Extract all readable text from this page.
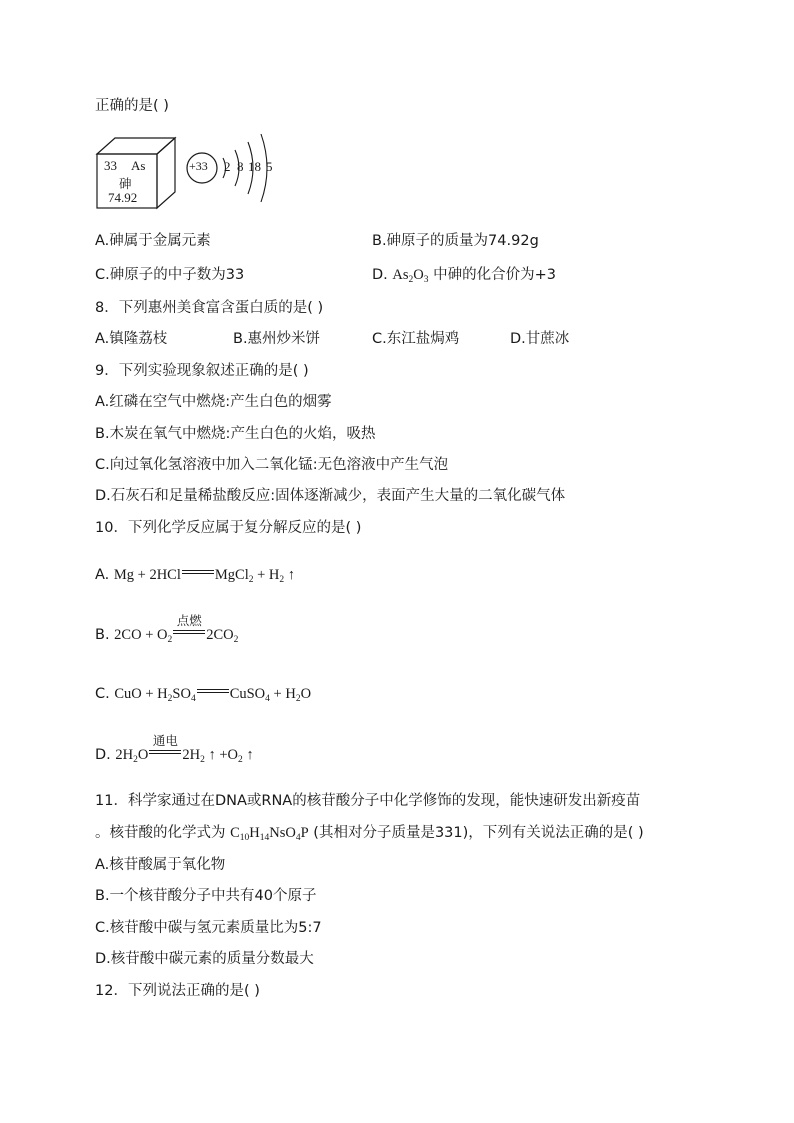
正确的是( )
33 As
砷
74.92
+33 2 8 18 5
A.砷属于金属元素	B.砷原子的质量为74.92g
C.砷原子的中子数为33	D. $As_2O_3$ 中砷的化合价为+3
8．下列惠州美食富含蛋白质的是( )
A.镇隆荔枝	B.惠州炒米饼	C.东江盐焗鸡	D.甘蔗冰
9．下列实验现象叙述正确的是( )
A.红磷在空气中燃烧:产生白色的烟雾
B.木炭在氧气中燃烧:产生白色的火焰，吸热
C.向过氧化氢溶液中加入二氧化锰:无色溶液中产生气泡
D.石灰石和足量稀盐酸反应:固体逐渐减少，表面产生大量的二氧化碳气体
10．下列化学反应属于复分解反应的是( )
A. Mg + 2HCl MgCl$_2$ + $H_2$ ↑
B. $2CO + O_2$
点燃
$2CO_2$
C. CuO + $H_2SO_4$ CuSO$_4$ + $H_2O$
D. $2H_2O$
通电
$2H_2$ ↑ $+O_2$ ↑
11．科学家通过在DNA或RNA的核苷酸分子中化学修饰的发现，能快速研发出新疫苗
。核苷酸的化学式为 $C_{10}H_{14}NsO_4P$ (其相对分子质量是331)，下列有关说法正确的是( )
A.核苷酸属于氧化物
B.一个核苷酸分子中共有40个原子
C.核苷酸中碳与氢元素质量比为5:7
D.核苷酸中碳元素的质量分数最大
12．下列说法正确的是( )
